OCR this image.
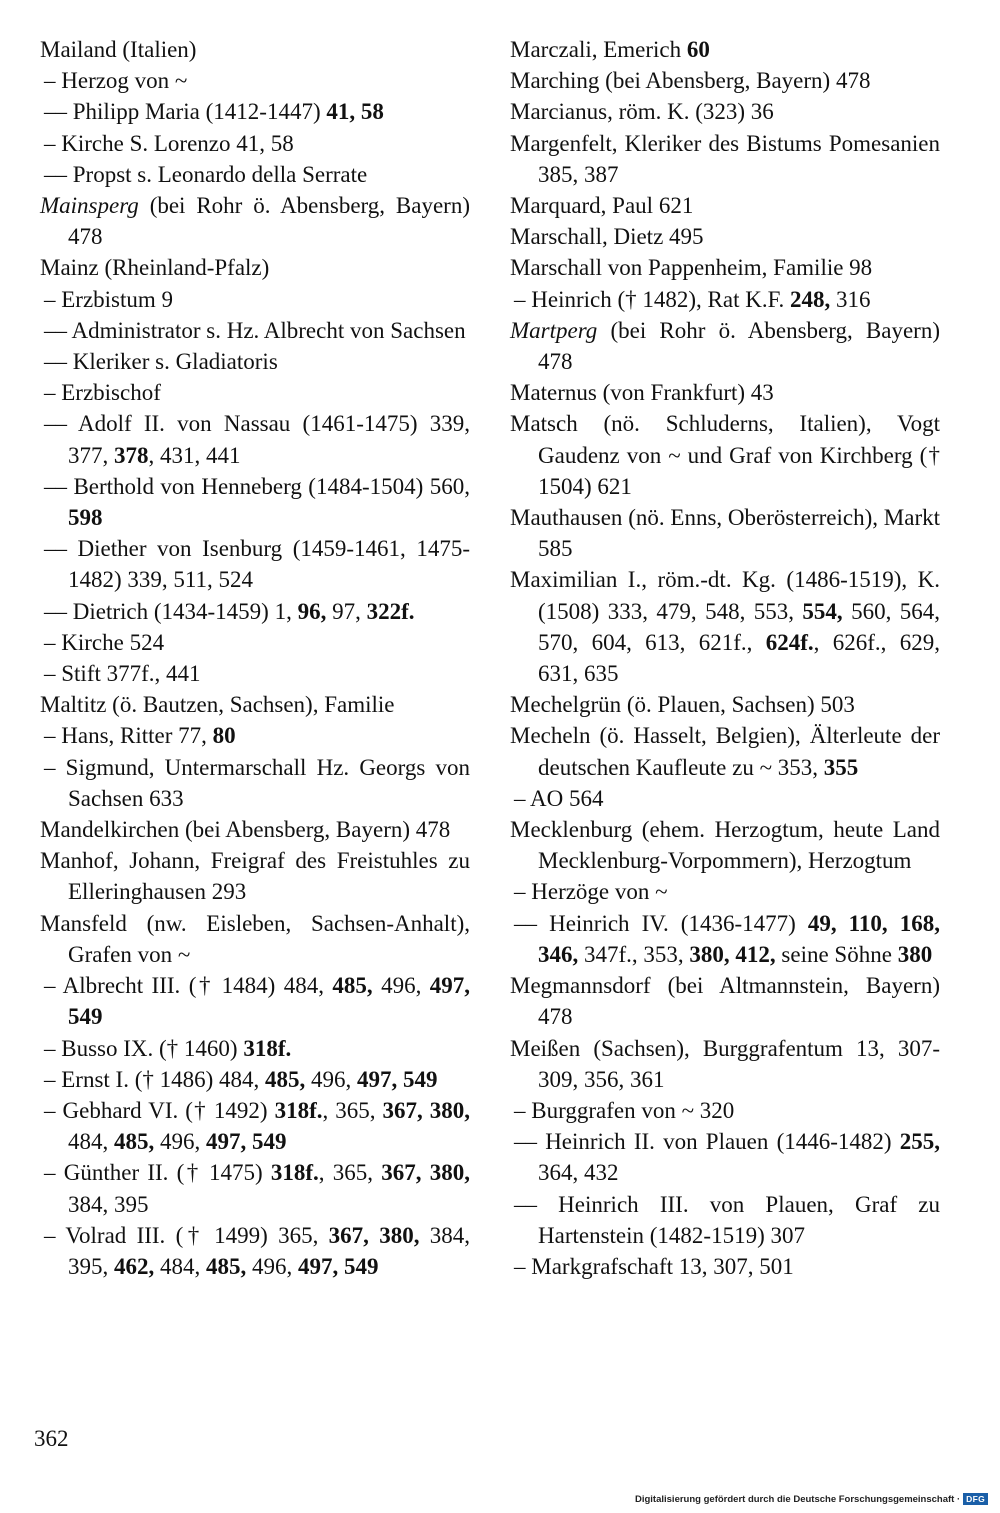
Mailand (Italien)

– Herzog von ~

–– Philipp Maria (1412-1447) 41, 58

– Kirche S. Lorenzo 41, 58

–– Propst s. Leonardo della Serrate

Mainsperg (bei Rohr ö. Abensberg, Bayern) 478

Mainz (Rheinland-Pfalz)

– Erzbistum 9

–– Administrator s. Hz. Albrecht von Sachsen

–– Kleriker s. Gladiatoris

– Erzbischof

–– Adolf II. von Nassau (1461-1475) 339, 377, 378, 431, 441

–– Berthold von Henneberg (1484-1504) 560, 598

–– Diether von Isenburg (1459-1461, 1475-1482) 339, 511, 524

–– Dietrich (1434-1459) 1, 96, 97, 322f.

– Kirche 524

– Stift 377f., 441

Maltitz (ö. Bautzen, Sachsen), Familie

– Hans, Ritter 77, 80

– Sigmund, Untermarschall Hz. Georgs von Sachsen 633

Mandelkirchen (bei Abensberg, Bayern) 478

Manhof, Johann, Freigraf des Freistuhles zu Elleringhausen 293

Mansfeld (nw. Eisleben, Sachsen-Anhalt), Grafen von ~

– Albrecht III. († 1484) 484, 485, 496, 497, 549

– Busso IX. († 1460) 318f.

– Ernst I. († 1486) 484, 485, 496, 497, 549

– Gebhard VI. († 1492) 318f., 365, 367, 380, 484, 485, 496, 497, 549

– Günther II. († 1475) 318f., 365, 367, 380, 384, 395

– Volrad III. († 1499) 365, 367, 380, 384, 395, 462, 484, 485, 496, 497, 549

Marczali, Emerich 60

Marching (bei Abensberg, Bayern) 478

Marcianus, röm. K. (323) 36

Margenfelt, Kleriker des Bistums Pomesanien 385, 387

Marquard, Paul 621

Marschall, Dietz 495

Marschall von Pappenheim, Familie 98

– Heinrich († 1482), Rat K.F. 248, 316

Martperg (bei Rohr ö. Abensberg, Bayern) 478

Maternus (von Frankfurt) 43

Matsch (nö. Schluderns, Italien), Vogt Gaudenz von ~ und Graf von Kirchberg († 1504) 621

Mauthausen (nö. Enns, Oberösterreich), Markt 585

Maximilian I., röm.-dt. Kg. (1486-1519), K. (1508) 333, 479, 548, 553, 554, 560, 564, 570, 604, 613, 621f., 624f., 626f., 629, 631, 635

Mechelgrün (ö. Plauen, Sachsen) 503

Mecheln (ö. Hasselt, Belgien), Älterleute der deutschen Kaufleute zu ~ 353, 355

– AO 564

Mecklenburg (ehem. Herzogtum, heute Land Mecklenburg-Vorpommern), Herzogtum

– Herzöge von ~

–– Heinrich IV. (1436-1477) 49, 110, 168, 346, 347f., 353, 380, 412, seine Söhne 380

Megmannsdorf (bei Altmannstein, Bayern) 478

Meißen (Sachsen), Burggrafentum 13, 307-309, 356, 361

– Burggrafen von ~ 320

–– Heinrich II. von Plauen (1446-1482) 255, 364, 432

–– Heinrich III. von Plauen, Graf zu Hartenstein (1482-1519) 307

– Markgrafschaft 13, 307, 501

362
Digitalisierung gefördert durch die Deutsche Forschungsgemeinschaft · DFG
